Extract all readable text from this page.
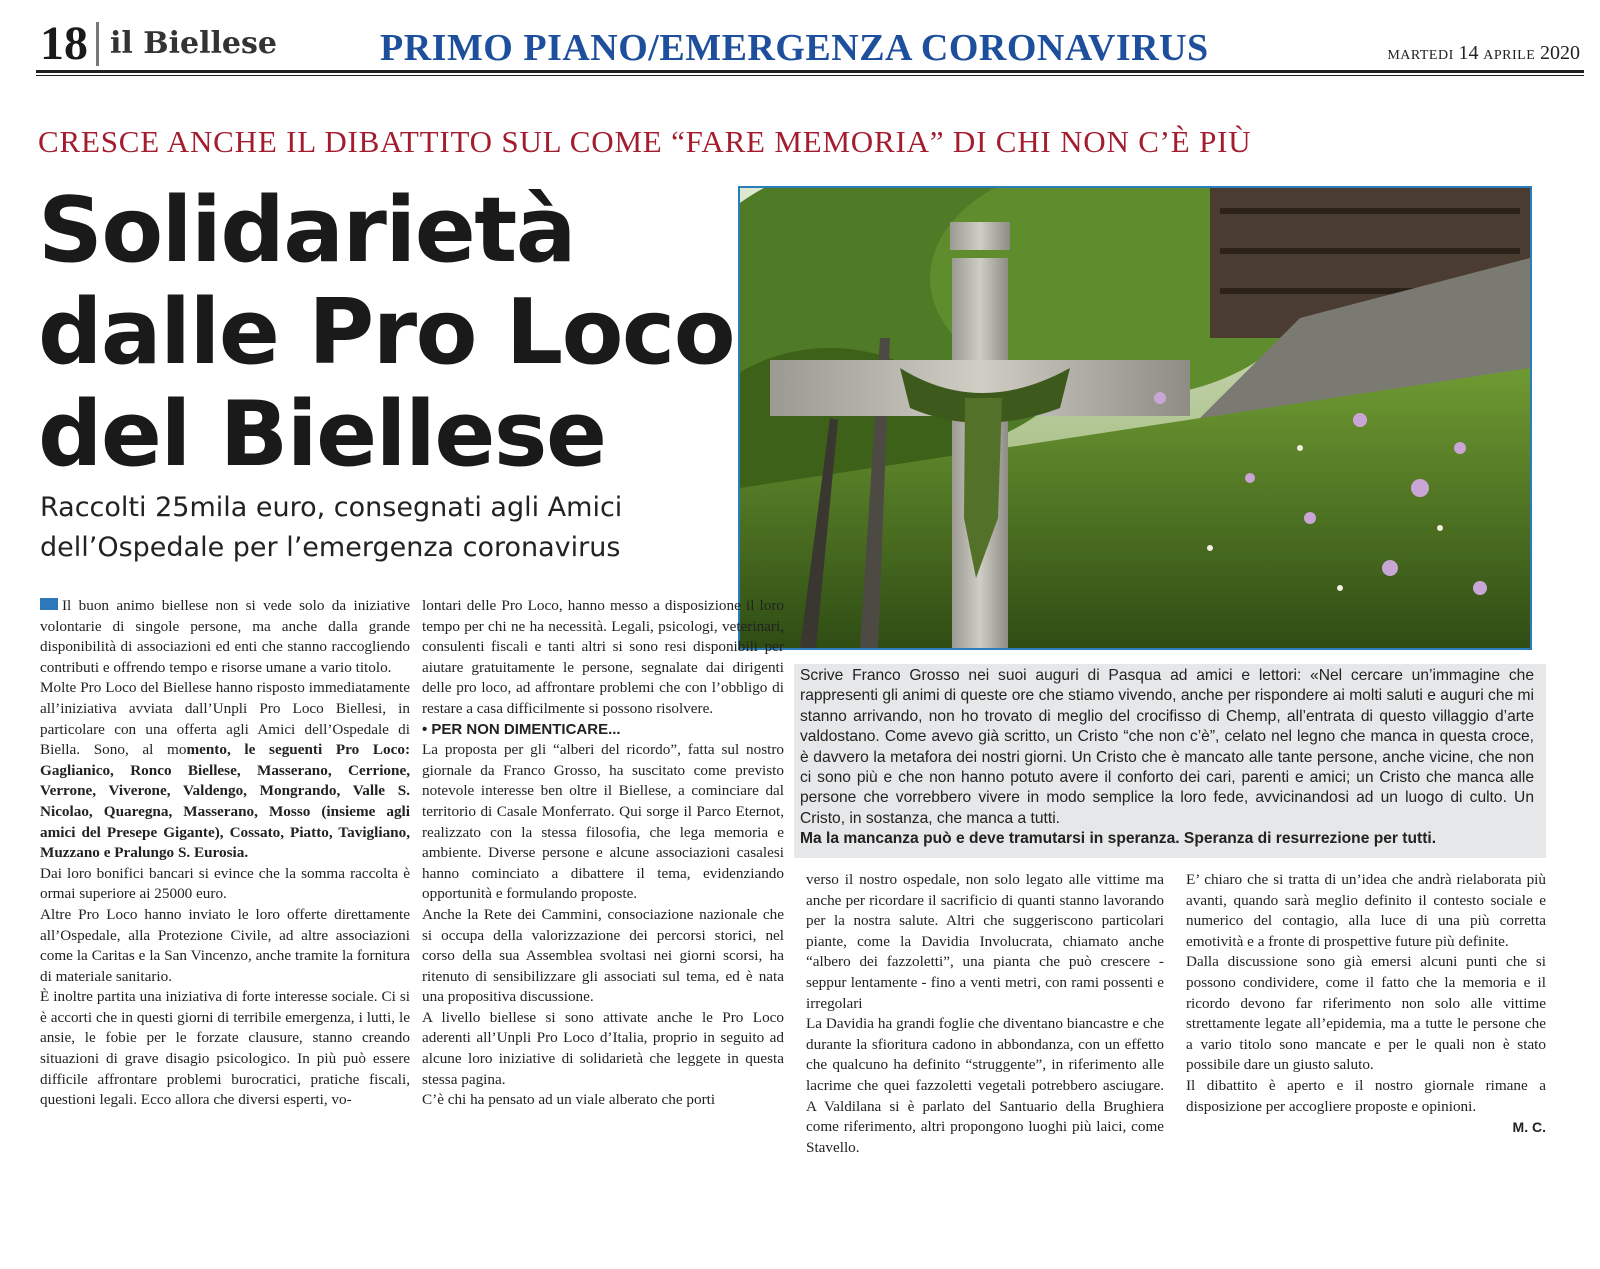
18 il Biellese	PRIMO PIANO/EMERGENZA CORONAVIRUS	MARTEDI 14 APRILE 2020
CRESCE ANCHE IL DIBATTITO SUL COME “FARE MEMORIA” DI CHI NON C’È PIÙ
Solidarietà
dalle Pro Loco
del Biellese
Raccolti 25mila euro, consegnati agli Amici
dell’Ospedale per l’emergenza coronavirus

Scrive Franco Grosso nei suoi auguri di Pasqua ad amici e lettori: «Nel cercare un’immagine che rappresenti gli animi di queste ore che stiamo vivendo, anche per rispondere ai molti saluti e auguri che mi stanno arrivando, non ho trovato di meglio del crocifisso di Chemp, all’entrata di questo villaggio d’arte valdostano. Come avevo già scritto, un Cristo “che non c’è”, celato nel legno che manca in questa croce, è davvero la metafora dei nostri giorni. Un Cristo che è mancato alle tante persone, anche vicine, che non ci sono più e che non hanno potuto avere il conforto dei cari, parenti e amici; un Cristo che manca alle persone che vorrebbero vivere in modo semplice la loro fede, avvicinandosi ad un luogo di culto. Un Cristo, in sostanza, che manca a tutti.

Ma la mancanza può e deve tramutarsi in speranza. Speranza di resurrezione per tutti.

Il buon animo biellese non si vede solo da iniziative volontarie di singole persone, ma anche dalla grande disponibilità di associazioni ed enti che stanno raccogliendo contributi e offrendo tempo e risorse umane a vario titolo.

Molte Pro Loco del Biellese hanno risposto immediatamente all’iniziativa avviata dall’Unpli Pro Loco Biellesi, in particolare con una offerta agli Amici dell’Ospedale di Biella. Sono, al momento, le seguenti Pro Loco: Gaglianico, Ronco Biellese, Masserano, Cerrione, Verrone, Viverone, Valdengo, Mongrando, Valle S. Nicolao, Quaregna, Masserano, Mosso (insieme agli amici del Presepe Gigante), Cossato, Piatto, Tavigliano, Muzzano e Pralungo S. Eurosia.

Dai loro bonifici bancari si evince che la somma raccolta è ormai superiore ai 25000 euro.

Altre Pro Loco hanno inviato le loro offerte direttamente all’Ospedale, alla Protezione Civile, ad altre associazioni come la Caritas e la San Vincenzo, anche tramite la fornitura di materiale sanitario.

È inoltre partita una iniziativa di forte interesse sociale. Ci si è accorti che in questi giorni di terribile emergenza, i lutti, le ansie, le fobie per le forzate clausure, stanno creando situazioni di grave disagio psicologico. In più può essere difficile affrontare problemi burocratici, pratiche fiscali, questioni legali. Ecco allora che diversi esperti, vo-

lontari delle Pro Loco, hanno messo a disposizione il loro tempo per chi ne ha necessità. Legali, psicologi, veterinari, consulenti fiscali e tanti altri si sono resi disponibili per aiutare gratuitamente le persone, segnalate dai dirigenti delle pro loco, ad affrontare problemi che con l’obbligo di restare a casa difficilmente si possono risolvere.

• PER NON DIMENTICARE...

La proposta per gli “alberi del ricordo”, fatta sul nostro giornale da Franco Grosso, ha suscitato come previsto notevole interesse ben oltre il Biellese, a cominciare dal territorio di Casale Monferrato. Qui sorge il Parco Eternot, realizzato con la stessa filosofia, che lega memoria e ambiente. Diverse persone e alcune associazioni casalesi hanno cominciato a dibattere il tema, evidenziando opportunità e formulando proposte.

Anche la Rete dei Cammini, consociazione nazionale che si occupa della valorizzazione dei percorsi storici, nel corso della sua Assemblea svoltasi nei giorni scorsi, ha ritenuto di sensibilizzare gli associati sul tema, ed è nata una propositiva discussione.

A livello biellese si sono attivate anche le Pro Loco aderenti all’Unpli Pro Loco d’Italia, proprio in seguito ad alcune loro iniziative di solidarietà che leggete in questa stessa pagina.

C’è chi ha pensato ad un viale alberato che porti

verso il nostro ospedale, non solo legato alle vittime ma anche per ricordare il sacrificio di quanti stanno lavorando per la nostra salute. Altri che suggeriscono particolari piante, come la Davidia Involucrata, chiamato anche “albero dei fazzoletti”, una pianta che può crescere - seppur lentamente - fino a venti metri, con rami possenti e irregolari

La Davidia ha grandi foglie che diventano biancastre e che durante la sfioritura cadono in abbondanza, con un effetto che qualcuno ha definito “struggente”, in riferimento alle lacrime che quei fazzoletti vegetali potrebbero asciugare. A Valdilana si è parlato del Santuario della Brughiera come riferimento, altri propongono luoghi più laici, come Stavello.

E’ chiaro che si tratta di un’idea che andrà rielaborata più avanti, quando sarà meglio definito il contesto sociale e numerico del contagio, alla luce di una più corretta emotività e a fronte di prospettive future più definite.

Dalla discussione sono già emersi alcuni punti che si possono condividere, come il fatto che la memoria e il ricordo devono far riferimento non solo alle vittime strettamente legate all’epidemia, ma a tutte le persone che a vario titolo sono mancate e per le quali non è stato possibile dare un giusto saluto.

Il dibattito è aperto e il nostro giornale rimane a disposizione per accogliere proposte e opinioni.

M. C.
